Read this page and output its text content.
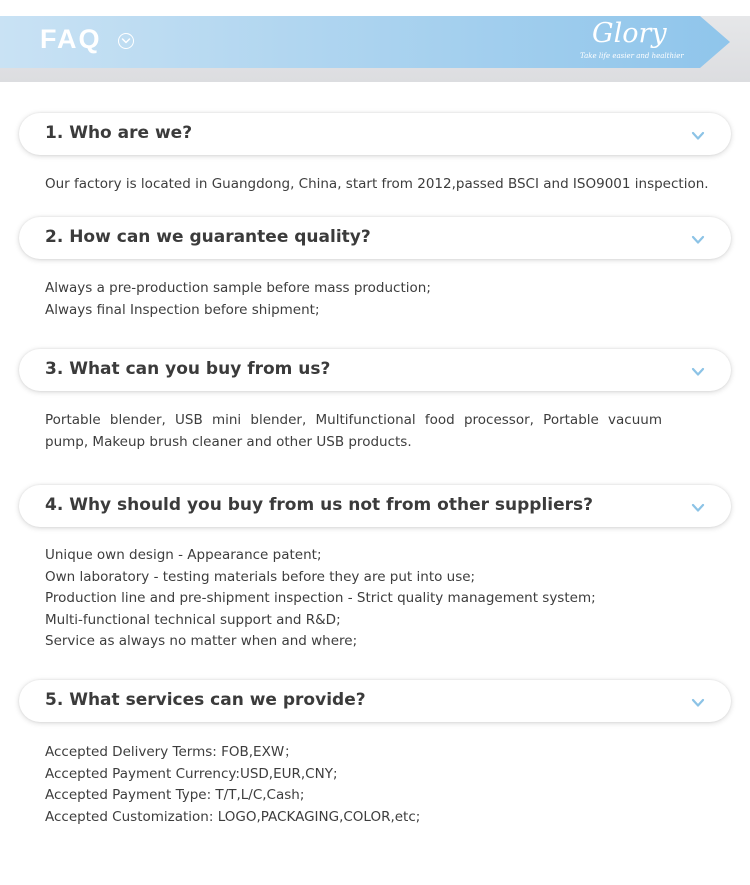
FAQ	Glory
Take life easier and healthier
1. Who are we?
Our factory is located in Guangdong, China, start from 2012,passed BSCI and ISO9001 inspection.
2. How can we guarantee quality?
Always a pre-production sample before mass production;
Always final Inspection before shipment;
3. What can you buy from us?
Portable blender, USB mini blender, Multifunctional food processor, Portable vacuum pump, Makeup brush cleaner and other USB products.
4. Why should you buy from us not from other suppliers?
Unique own design - Appearance patent;
Own laboratory - testing materials before they are put into use;
Production line and pre-shipment inspection - Strict quality management system;
Multi-functional technical support and R&D;
Service as always no matter when and where;
5. What services can we provide?
Accepted Delivery Terms: FOB,EXW；
Accepted Payment Currency:USD,EUR,CNY;
Accepted Payment Type: T/T,L/C,Cash;
Accepted Customization: LOGO,PACKAGING,COLOR,etc;
